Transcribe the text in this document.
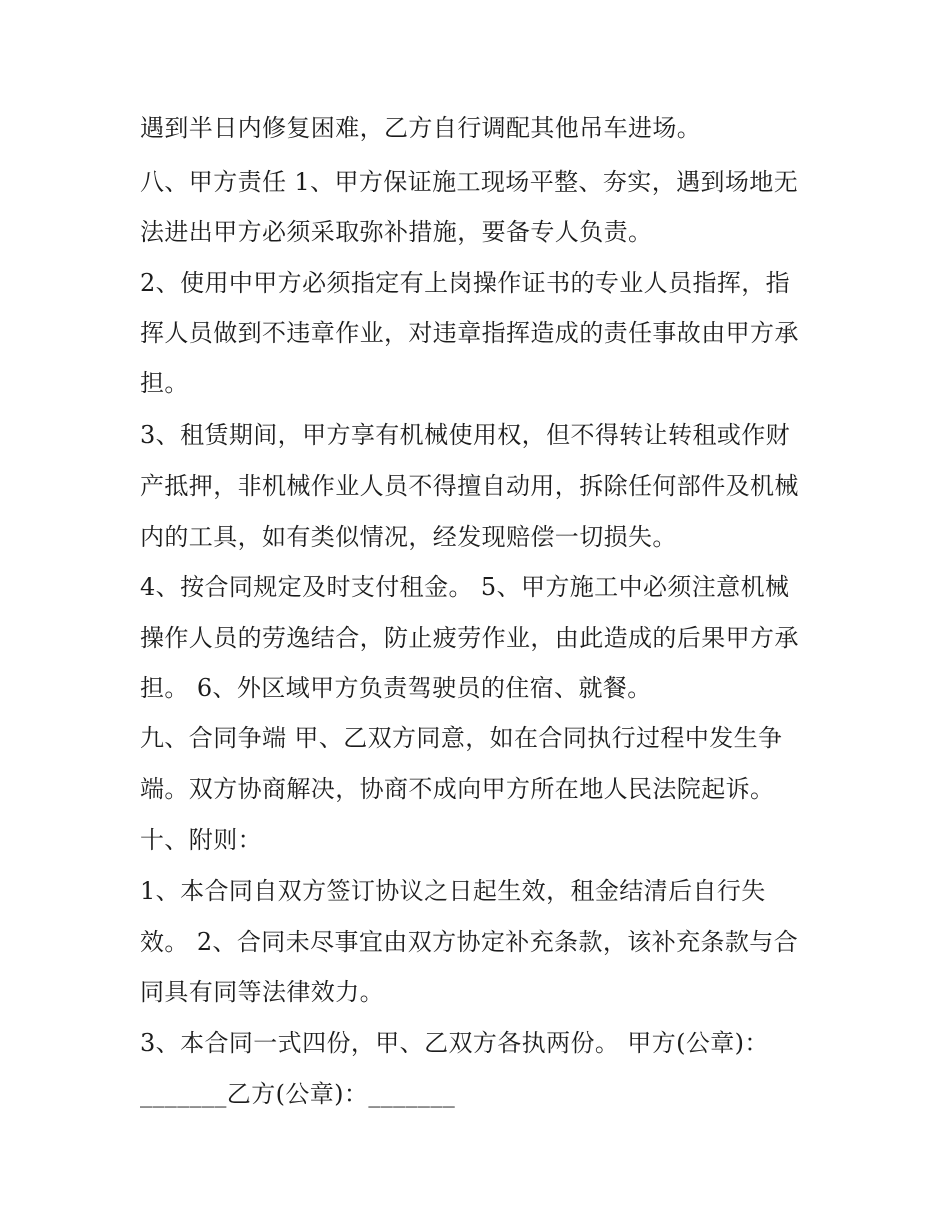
遇到半日内修复困难，乙方自行调配其他吊车进场。

八、甲方责任 1、甲方保证施工现场平整、夯实，遇到场地无

法进出甲方必须采取弥补措施，要备专人负责。

2、使用中甲方必须指定有上岗操作证书的专业人员指挥，指

挥人员做到不违章作业，对违章指挥造成的责任事故由甲方承

担。

3、租赁期间，甲方享有机械使用权，但不得转让转租或作财

产抵押，非机械作业人员不得擅自动用，拆除任何部件及机械

内的工具，如有类似情况，经发现赔偿一切损失。

4、按合同规定及时支付租金。 5、甲方施工中必须注意机械

操作人员的劳逸结合，防止疲劳作业，由此造成的后果甲方承

担。 6、外区域甲方负责驾驶员的住宿、就餐。

九、合同争端 甲、乙双方同意，如在合同执行过程中发生争

端。双方协商解决，协商不成向甲方所在地人民法院起诉。

十、附则：

1、本合同自双方签订协议之日起生效，租金结清后自行失

效。 2、合同未尽事宜由双方协定补充条款，该补充条款与合

同具有同等法律效力。

3、本合同一式四份，甲、乙双方各执两份。 甲方(公章)：

_______乙方(公章)：_______
